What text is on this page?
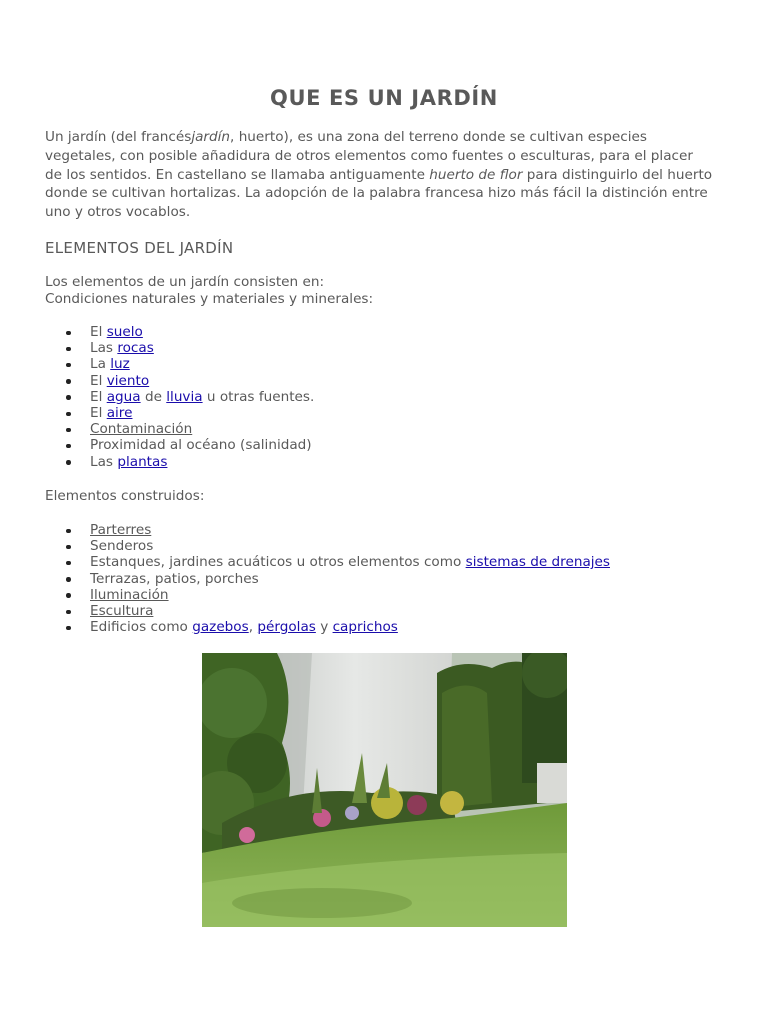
QUE ES UN JARDÍN

Un jardín (del francésjardín, huerto), es una zona del terreno donde se cultivan especies
vegetales, con posible añadidura de otros elementos como fuentes o esculturas, para el placer
de los sentidos. En castellano se llamaba antiguamente huerto de flor para distinguirlo del huerto
donde se cultivan hortalizas. La adopción de la palabra francesa hizo más fácil la distinción entre
uno y otros vocablos.

ELEMENTOS DEL JARDÍN

Los elementos de un jardín consisten en:
Condiciones naturales y materiales y minerales:

El suelo
Las rocas
La luz
El viento
El agua de lluvia u otras fuentes.
El aire
Contaminación
Proximidad al océano (salinidad)
Las plantas

Elementos construidos:

Parterres
Senderos
Estanques, jardines acuáticos u otros elementos como sistemas de drenajes
Terrazas, patios, porches
Iluminación
Escultura
Edificios como gazebos, pérgolas y caprichos
